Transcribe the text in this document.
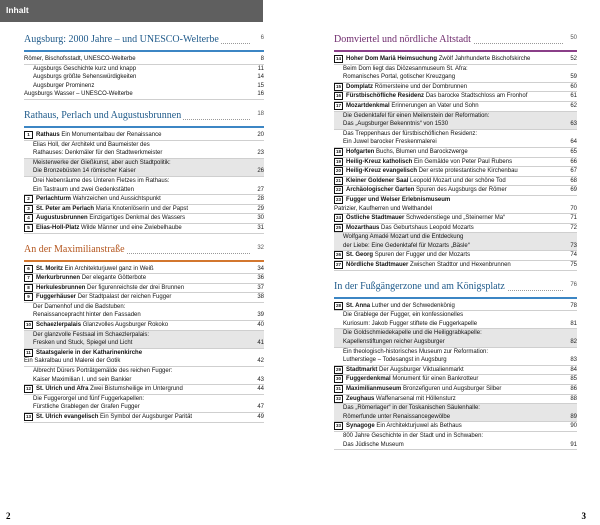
Inhalt
Augsburg: 2000 Jahre – und UNESCO-Welterbe	6
Römer, Bischofsstadt, UNESCO-Welterbe	8
Augsburgs Geschichte kurz und knapp	11
Augsburgs größte Sehenswürdigkeiten	14
Augsburger Prominenz	15
Augsburgs Wasser – UNESCO-Welterbe	16
Rathaus, Perlach und Augustusbrunnen	18
1 Rathaus Ein Monumentalbau der Renaissance	20
Elias Holl, der Architekt und Baumeister des
Rathauses: Denkmäler für den Stadtwerkmeister	23
Meisterwerke der Gießkunst, aber auch Stadtpolitik:
Die Bronzebüsten 14 römischer Kaiser	26
Drei Nebenräume des Unteren Fletzes im Rathaus:
Ein Tastraum und zwei Gedenkstätten	27
2 Perlachturm Wahrzeichen und Aussichtspunkt	28
3 St. Peter am Perlach Maria Knotenlöserin und der Papst	29
4 Augustusbrunnen Einzigartiges Denkmal des Wassers	30
5 Elias-Holl-Platz Wilde Männer und eine Zwiebelhaube	31
An der Maximilianstraße	32
6 St. Moritz Ein Architekturjuwel ganz in Weiß	34
7 Merkurbrunnen Der elegante Götterbote	36
8 Herkulesbrunnen Der figurenreichste der drei Brunnen	37
9 Fuggerhäuser Der Stadtpalast der reichen Fugger	38
Der Damenhof und die Badstuben:
Renaissancepracht hinter den Fassaden	39
10 Schaezlerpalais Glanzvolles Augsburger Rokoko	40
Der glanzvolle Festsaal im Schaezlerpalais:
Fresken und Stuck, Spiegel und Licht	41
11 Staatsgalerie in der Katharinenkirche
Ein Sakralbau und Malerei der Gotik	42
Albrecht Dürers Porträtgemälde des reichen Fugger:
Kaiser Maximilian I. und sein Bankier	43
12 St. Ulrich und Afra Zwei Bistumsheilige im Untergrund	44
Die Fuggerorgel und fünf Fuggerkapellen:
Fürstliche Grablegen der Grafen Fugger	47
13 St. Ulrich evangelisch Ein Symbol der Augsburger Parität	49
Domviertel und nördliche Altstadt	50
14 Hoher Dom Mariä Heimsuchung Zwölf Jahrhunderte Bischofskirche	52
Beim Dom liegt das Diözesanmuseum St. Afra:
Romanisches Portal, gotischer Kreuzgang	59
15 Domplatz Römersteine und der Dombrunnen	60
16 Fürstbischöfliche Residenz Das barocke Stadtschloss am Fronhof	61
17 Mozartdenkmal Erinnerungen an Vater und Sohn	62
Die Gedenktafel für einen Meilenstein der Reformation:
Das „Augsburger Bekenntnis“ von 1530	63
Das Treppenhaus der fürstbischöflichen Residenz:
Ein Juwel barocker Freskenmalerei	64
18 Hofgarten Buchs, Blumen und Barockzwerge	65
19 Heilig-Kreuz katholisch Ein Gemälde von Peter Paul Rubens	66
20 Heilig-Kreuz evangelisch Der erste protestantische Kirchenbau	67
21 Kleiner Goldener Saal Leopold Mozart und der schöne Tod	68
22 Archäologischer Garten Spuren des Augsburgs der Römer	69
23 Fugger und Welser Erlebnismuseum
Patrizier, Kaufherren und Welthandel	70
24 Östliche Stadtmauer Schwedenstiege und „Steinerner Ma“	71
25 Mozarthaus Das Geburtshaus Leopold Mozarts	72
Wolfgang Amadé Mozart und die Entdeckung
der Liebe: Eine Gedenktafel für Mozarts „Bäsle“	73
26 St. Georg Spuren der Fugger und der Mozarts	74
27 Nördliche Stadtmauer Zwischen Stadttor und Hexenbrunnen	75
In der Fußgängerzone und am Königsplatz	76
28 St. Anna Luther und der Schwedenkönig	78
Die Grablege der Fugger, ein konfessionelles
Kuriosum: Jakob Fugger stiftete die Fuggerkapelle	81
Die Goldschmiedekapelle und die Heiliggrabkapelle:
Kapellenstiftungen reicher Augsburger	82
Ein theologisch-historisches Museum zur Reformation:
Lutherstiege – Todesangst in Augsburg	83
29 Stadtmarkt Der Augsburger Viktualienmarkt	84
30 Fuggerdenkmal Monument für einen Bankrotteur	85
31 Maximilianmuseum Bronzefiguren und Augsburger Silber	86
32 Zeughaus Waffenarsenal mit Höllensturz	88
Das „Römerlager“ in der Toskanischen Säulenhalle:
Römerfunde unter Renaissancegewölbe	89
33 Synagoge Ein Architekturjuwel als Bethaus	90
800 Jahre Geschichte in der Stadt und in Schwaben:
Das Jüdische Museum	91
2	3
